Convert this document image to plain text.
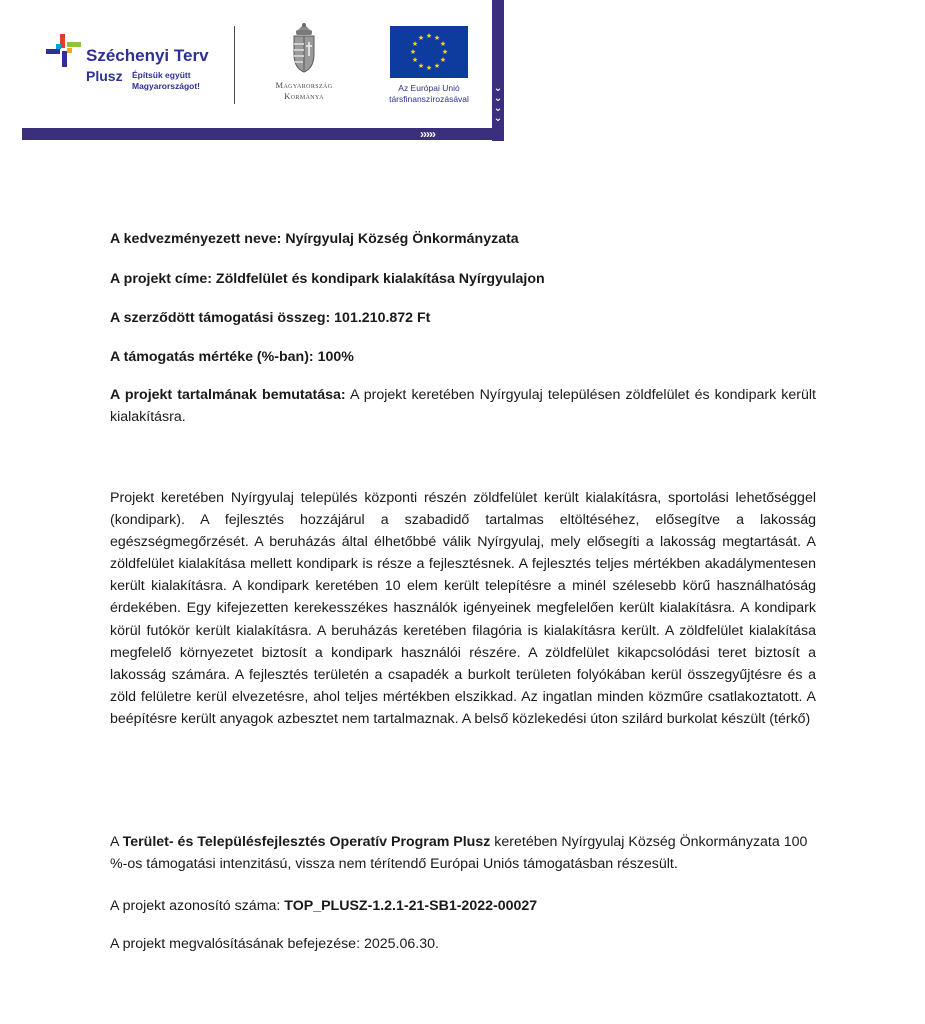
⌄
⌄
⌄
⌄
›››››
Széchenyi Terv
Plusz Építsük együtt
Magyarországot!	Magyarország
Kormánya
★ ★
★
★
★
★
★
★
★
★
★
★
Az Európai Unió
társfinanszírozásával

A kedvezményezett neve: Nyírgyulaj Község Önkormányzata

A projekt címe: Zöldfelület és kondipark kialakítása Nyírgyulajon

A szerződött támogatási összeg: 101.210.872 Ft

A támogatás mértéke (%-ban): 100%

A projekt tartalmának bemutatása: A projekt keretében Nyírgyulaj településen zöldfelület és kondipark került kialakításra.

Projekt keretében Nyírgyulaj település központi részén zöldfelület került kialakításra, sportolási lehetőséggel (kondipark). A fejlesztés hozzájárul a szabadidő tartalmas eltöltéséhez, elősegítve a lakosság egészségmegőrzését. A beruházás által élhetőbbé válik Nyírgyulaj, mely elősegíti a lakosság megtartását. A zöldfelület kialakítása mellett kondipark is része a fejlesztésnek. A fejlesztés teljes mértékben akadálymentesen került kialakításra. A kondipark keretében 10 elem került telepítésre a minél szélesebb körű használhatóság érdekében. Egy kifejezetten kerekesszékes használók igényeinek megfelelően került kialakításra. A kondipark körül futókör került kialakításra. A beruházás keretében filagória is kialakításra került. A zöldfelület kialakítása megfelelő környezetet biztosít a kondipark használói részére. A zöldfelület kikapcsolódási teret biztosít a lakosság számára. A fejlesztés területén a csapadék a burkolt területen folyókában kerül összegyűjtésre és a zöld felületre kerül elvezetésre, ahol teljes mértékben elszikkad. Az ingatlan minden közműre csatlakoztatott. A beépítésre került anyagok azbesztet nem tartalmaznak. A belső közlekedési úton szilárd burkolat készült (térkő)

A Terület- és Településfejlesztés Operatív Program Plusz keretében Nyírgyulaj Község Önkormányzata 100 %-os támogatási intenzitású, vissza nem térítendő Európai Uniós támogatásban részesült.

A projekt azonosító száma: TOP_PLUSZ-1.2.1-21-SB1-2022-00027

A projekt megvalósításának befejezése: 2025.06.30.
